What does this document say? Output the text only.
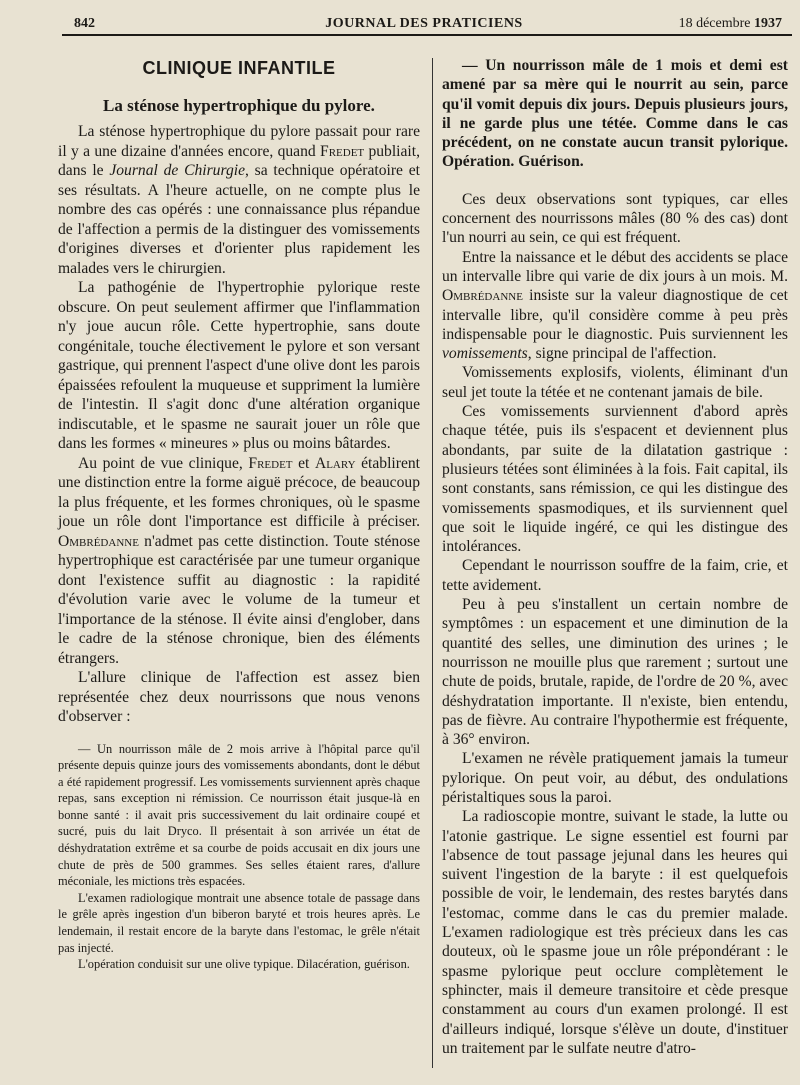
842	JOURNAL DES PRATICIENS	18 décembre 1937
CLINIQUE INFANTILE
La sténose hypertrophique du pylore.

La sténose hypertrophique du pylore passait pour rare il y a une dizaine d'années encore, quand Fredet publiait, dans le Journal de Chirurgie, sa technique opératoire et ses résultats. A l'heure actuelle, on ne compte plus le nombre des cas opérés : une connaissance plus répandue de l'affection a permis de la distinguer des vomissements d'origines diverses et d'orienter plus rapidement les malades vers le chirurgien.

La pathogénie de l'hypertrophie pylorique reste obscure. On peut seulement affirmer que l'inflammation n'y joue aucun rôle. Cette hypertrophie, sans doute congénitale, touche électivement le pylore et son versant gastrique, qui prennent l'aspect d'une olive dont les parois épaissées refoulent la muqueuse et suppriment la lumière de l'intestin. Il s'agit donc d'une altération organique indiscutable, et le spasme ne saurait jouer un rôle que dans les formes « mineures » plus ou moins bâtardes.

Au point de vue clinique, Fredet et Alary établirent une distinction entre la forme aiguë précoce, de beaucoup la plus fréquente, et les formes chroniques, où le spasme joue un rôle dont l'importance est difficile à préciser. Ombrédanne n'admet pas cette distinction. Toute sténose hypertrophique est caractérisée par une tumeur organique dont l'existence suffit au diagnostic : la rapidité d'évolution varie avec le volume de la tumeur et l'importance de la sténose. Il évite ainsi d'englober, dans le cadre de la sténose chronique, bien des éléments étrangers.

L'allure clinique de l'affection est assez bien représentée chez deux nourrissons que nous venons d'observer :

— Un nourrisson mâle de 2 mois arrive à l'hôpital parce qu'il présente depuis quinze jours des vomissements abondants, dont le début a été rapidement progressif. Les vomissements surviennent après chaque repas, sans exception ni rémission. Ce nourrisson était jusque-là en bonne santé : il avait pris successivement du lait ordinaire coupé et sucré, puis du lait Dryco. Il présentait à son arrivée un état de déshydratation extrême et sa courbe de poids accusait en dix jours une chute de près de 500 grammes. Ses selles étaient rares, d'allure méconiale, les mictions très espacées.

L'examen radiologique montrait une absence totale de passage dans le grêle après ingestion d'un biberon baryté et trois heures après. Le lendemain, il restait encore de la baryte dans l'estomac, le grêle n'était pas injecté.

L'opération conduisit sur une olive typique. Dilacération, guérison.

— Un nourrisson mâle de 1 mois et demi est amené par sa mère qui le nourrit au sein, parce qu'il vomit depuis dix jours. Depuis plusieurs jours, il ne garde plus une tétée. Comme dans le cas précédent, on ne constate aucun transit pylorique. Opération. Guérison.

Ces deux observations sont typiques, car elles concernent des nourrissons mâles (80 % des cas) dont l'un nourri au sein, ce qui est fréquent.

Entre la naissance et le début des accidents se place un intervalle libre qui varie de dix jours à un mois. M. Ombrédanne insiste sur la valeur diagnostique de cet intervalle libre, qu'il considère comme à peu près indispensable pour le diagnostic. Puis surviennent les vomissements, signe principal de l'affection.

Vomissements explosifs, violents, éliminant d'un seul jet toute la tétée et ne contenant jamais de bile.

Ces vomissements surviennent d'abord après chaque tétée, puis ils s'espacent et deviennent plus abondants, par suite de la dilatation gastrique : plusieurs tétées sont éliminées à la fois. Fait capital, ils sont constants, sans rémission, ce qui les distingue des vomissements spasmodiques, et ils surviennent quel que soit le liquide ingéré, ce qui les distingue des intolérances.

Cependant le nourrisson souffre de la faim, crie, et tette avidement.

Peu à peu s'installent un certain nombre de symptômes : un espacement et une diminution de la quantité des selles, une diminution des urines ; le nourrisson ne mouille plus que rarement ; surtout une chute de poids, brutale, rapide, de l'ordre de 20 %, avec déshydratation importante. Il n'existe, bien entendu, pas de fièvre. Au contraire l'hypothermie est fréquente, à 36° environ.

L'examen ne révèle pratiquement jamais la tumeur pylorique. On peut voir, au début, des ondulations péristaltiques sous la paroi.

La radioscopie montre, suivant le stade, la lutte ou l'atonie gastrique. Le signe essentiel est fourni par l'absence de tout passage jejunal dans les heures qui suivent l'ingestion de la baryte : il est quelquefois possible de voir, le lendemain, des restes barytés dans l'estomac, comme dans le cas du premier malade. L'examen radiologique est très précieux dans les cas douteux, où le spasme joue un rôle prépondérant : le spasme pylorique peut occlure complètement le sphincter, mais il demeure transitoire et cède presque constamment au cours d'un examen prolongé. Il est d'ailleurs indiqué, lorsque s'élève un doute, d'instituer un traitement par le sulfate neutre d'atro-
